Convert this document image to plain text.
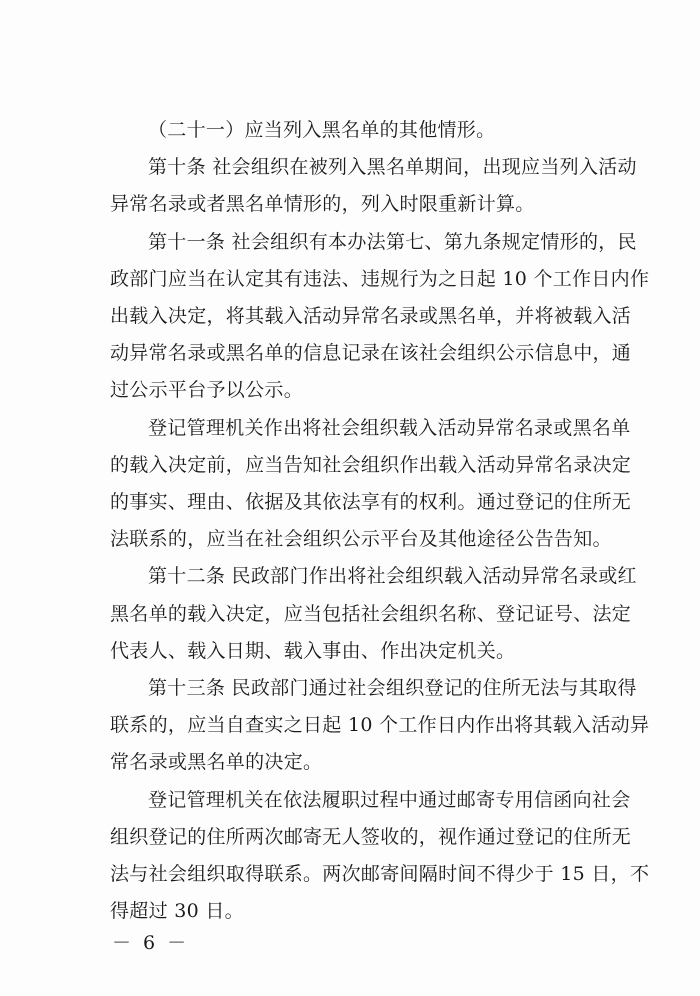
（二十一）应当列入黑名单的其他情形。

第十条 社会组织在被列入黑名单期间，出现应当列入活动
异常名录或者黑名单情形的，列入时限重新计算。

第十一条 社会组织有本办法第七、第九条规定情形的，民
政部门应当在认定其有违法、违规行为之日起 10 个工作日内作
出载入决定，将其载入活动异常名录或黑名单，并将被载入活
动异常名录或黑名单的信息记录在该社会组织公示信息中，通
过公示平台予以公示。

登记管理机关作出将社会组织载入活动异常名录或黑名单
的载入决定前，应当告知社会组织作出载入活动异常名录决定
的事实、理由、依据及其依法享有的权利。通过登记的住所无
法联系的，应当在社会组织公示平台及其他途径公告告知。

第十二条 民政部门作出将社会组织载入活动异常名录或红
黑名单的载入决定，应当包括社会组织名称、登记证号、法定
代表人、载入日期、载入事由、作出决定机关。

第十三条 民政部门通过社会组织登记的住所无法与其取得
联系的，应当自查实之日起 10 个工作日内作出将其载入活动异
常名录或黑名单的决定。

登记管理机关在依法履职过程中通过邮寄专用信函向社会
组织登记的住所两次邮寄无人签收的，视作通过登记的住所无
法与社会组织取得联系。两次邮寄间隔时间不得少于 15 日，不
得超过 30 日。

－ 6 －
